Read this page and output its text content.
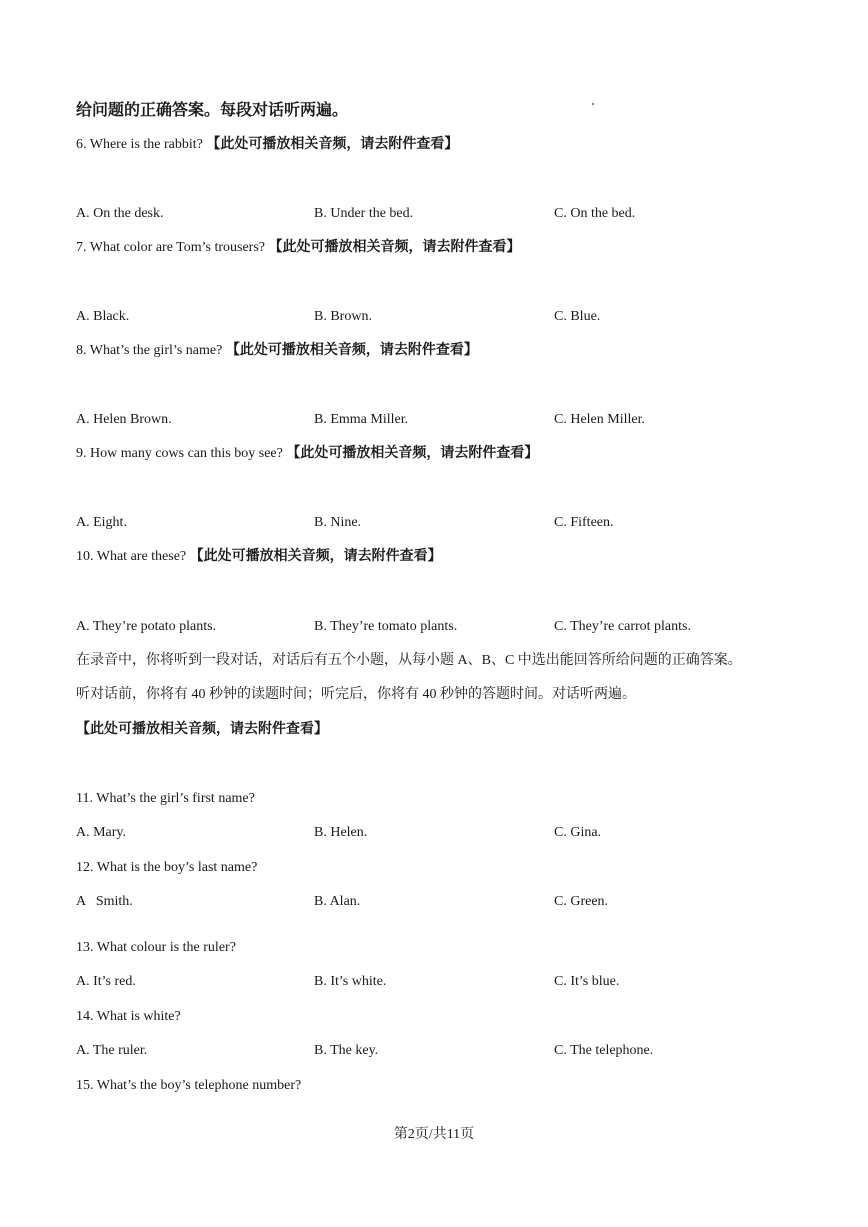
给问题的正确答案。每段对话听两遍。
6. Where is the rabbit? 【此处可播放相关音频，请去附件查看】
A. On the desk.	B. Under the bed.	C. On the bed.
7. What color are Tom’s trousers? 【此处可播放相关音频，请去附件查看】
A. Black.	B. Brown.	C. Blue.
8. What’s the girl’s name? 【此处可播放相关音频，请去附件查看】
A. Helen Brown.	B. Emma Miller.	C. Helen Miller.
9. How many cows can this boy see? 【此处可播放相关音频，请去附件查看】
A. Eight.	B. Nine.	C. Fifteen.
10. What are these? 【此处可播放相关音频，请去附件查看】
A. They’re potato plants.	B. They’re tomato plants.	C. They’re carrot plants.
在录音中，你将听到一段对话，对话后有五个小题，从每小题 A、B、C 中选出能回答所给问题的正确答案。
听对话前，你将有 40 秒钟的读题时间；听完后，你将有 40 秒钟的答题时间。对话听两遍。
【此处可播放相关音频，请去附件查看】
11. What’s the girl’s first name?
A. Mary.	B. Helen.	C. Gina.
12. What is the boy’s last name?
A   Smith.	B. Alan.	C. Green.
13. What colour is the ruler?
A. It’s red.	B. It’s white.	C. It’s blue.
14. What is white?
A. The ruler.	B. The key.	C. The telephone.
15. What’s the boy’s telephone number?
第2页/共11页
